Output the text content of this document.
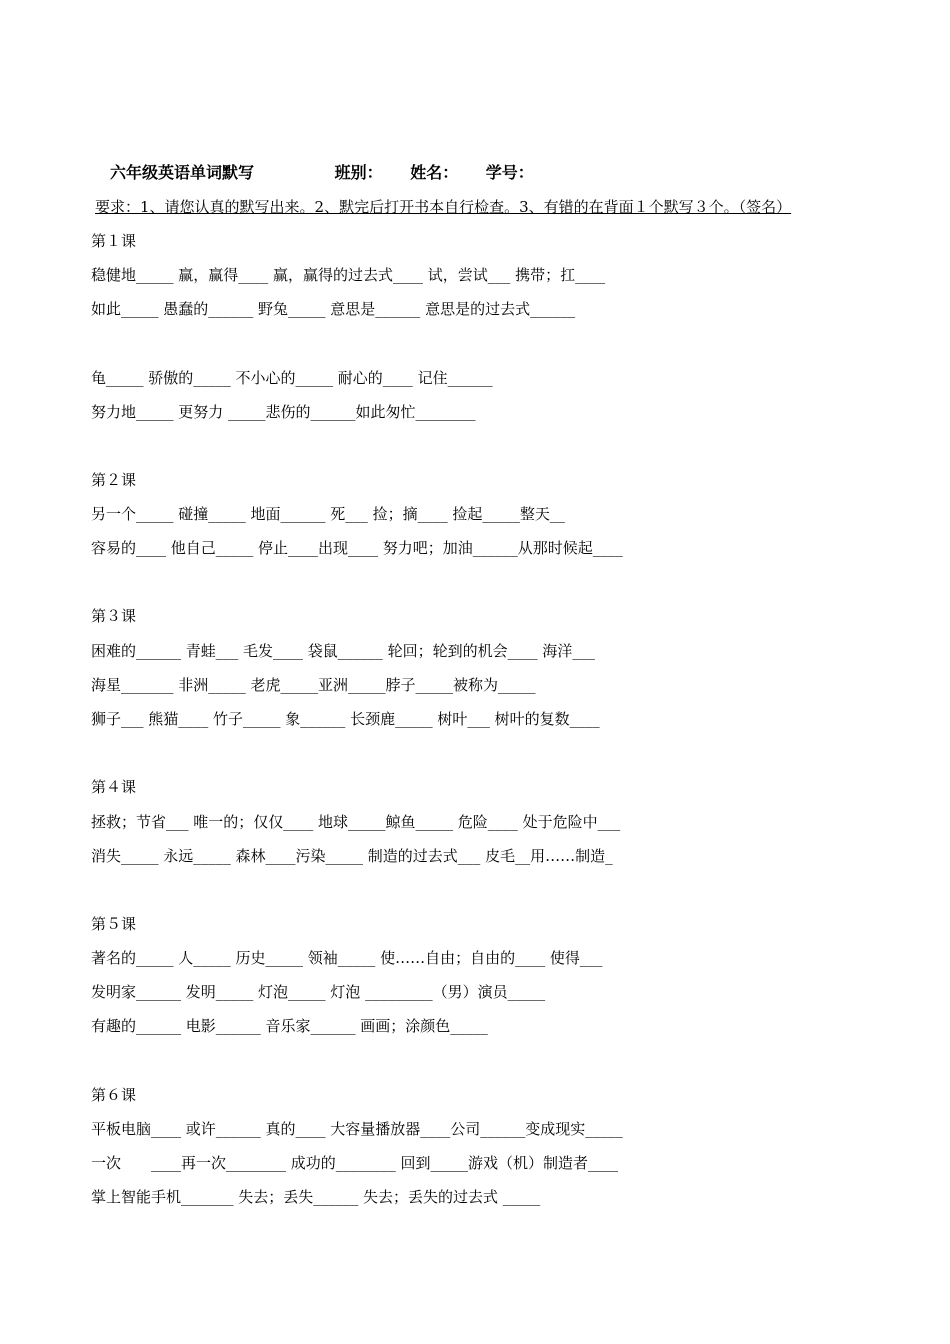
六年级英语单词默写	班别： 姓名： 学号：
要求：1、请您认真的默写出来。2、默完后打开书本自行检查。3、有错的在背面１个默写３个。（签名）
第１课
稳健地_____ 赢，赢得____ 赢，赢得的过去式____ 试，尝试___ 携带；扛____
如此_____ 愚蠢的______ 野兔_____ 意思是______ 意思是的过去式______
龟_____ 骄傲的_____ 不小心的_____ 耐心的____ 记住______
努力地_____ 更努力 _____悲伤的______如此匆忙________
第２课
另一个_____ 碰撞_____ 地面______ 死___ 捡；摘____ 捡起_____整天__
容易的____ 他自己_____ 停止____出现____ 努力吧；加油______从那时候起____
第３课
困难的______ 青蛙___ 毛发____ 袋鼠______ 轮回；轮到的机会____ 海洋___
海星_______ 非洲_____ 老虎_____亚洲_____脖子_____被称为_____
狮子___ 熊猫____ 竹子_____ 象______ 长颈鹿_____ 树叶___ 树叶的复数____
第４课
拯救；节省___ 唯一的；仅仅____ 地球_____鲸鱼_____ 危险____ 处于危险中___
消失_____ 永远_____ 森林____污染_____ 制造的过去式___ 皮毛__用……制造_
第５课
著名的_____ 人_____ 历史_____ 领袖_____ 使……自由；自由的____ 使得___
发明家______ 发明_____ 灯泡_____ 灯泡 _________（男）演员_____
有趣的______ 电影______ 音乐家______ 画画；涂颜色_____
第６课
平板电脑____ 或许______ 真的____ 大容量播放器____公司______变成现实_____
一次　　____再一次________ 成功的________ 回到_____游戏（机）制造者____
掌上智能手机_______ 失去；丢失______ 失去；丢失的过去式 _____
